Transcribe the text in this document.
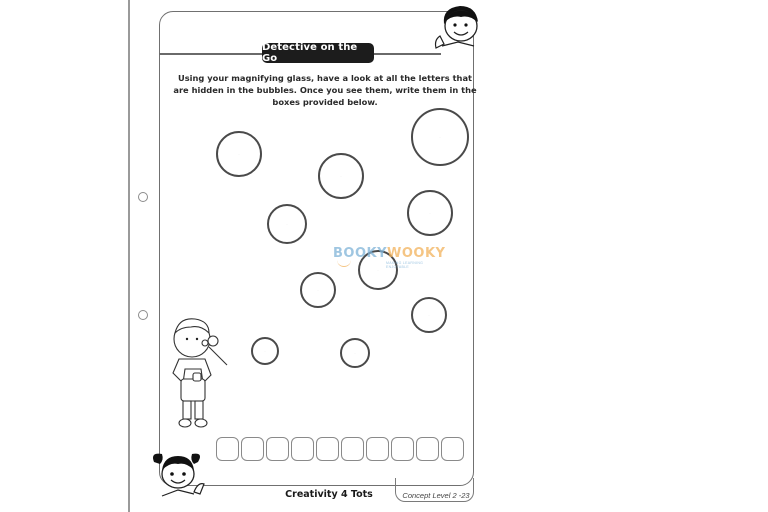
Detective on the Go
Using your magnifying glass, have a look at all the letters that are hidden in the bubbles. Once you see them, write them in the boxes provided below.
·
·
·
·
·
·
·
·
·	·
BOOKYWOOKY
MAKING LEARNING ENJOYABLE
Creativity 4 Tots	Concept Level 2 -23
